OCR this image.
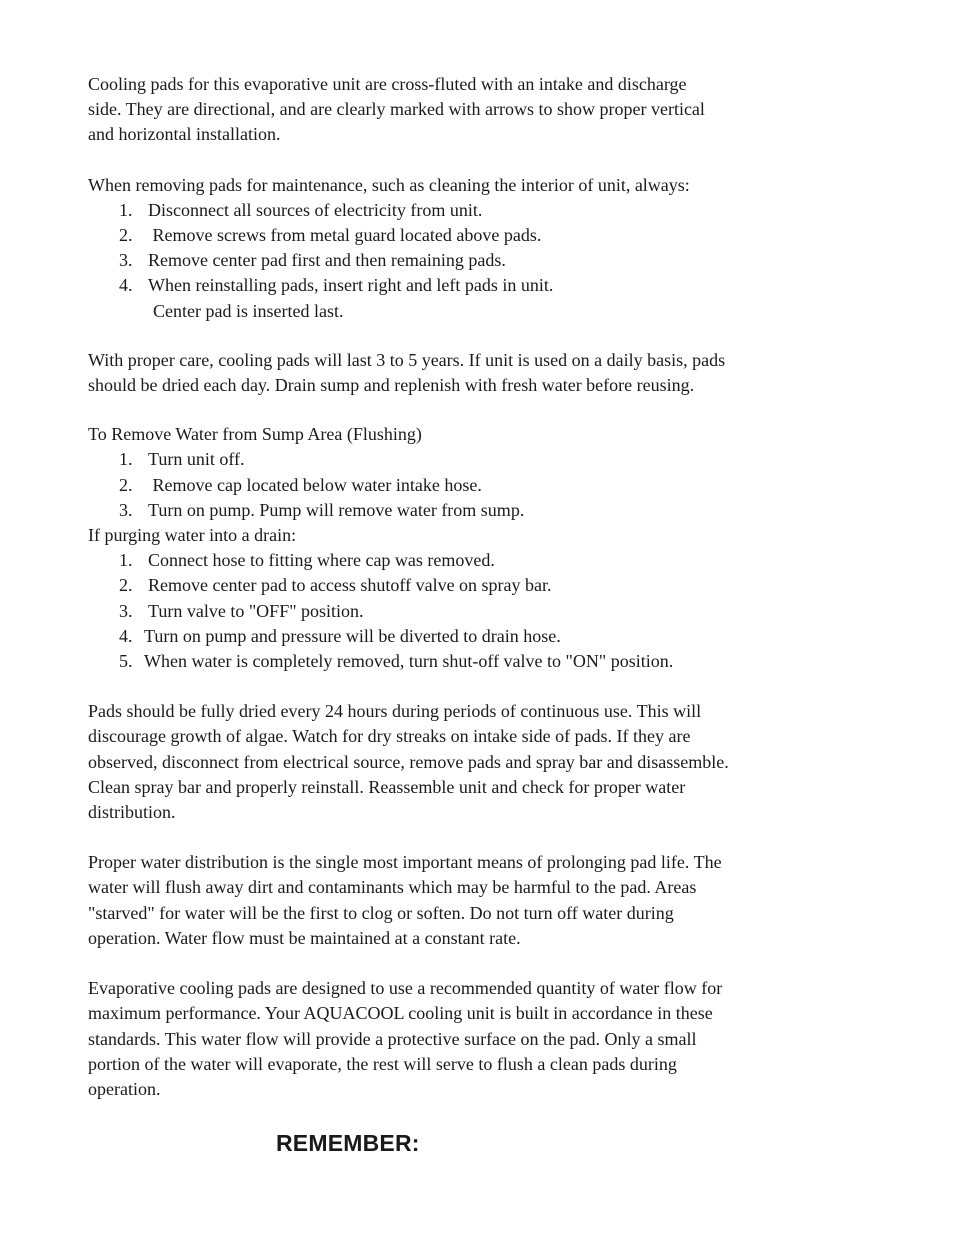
Cooling pads for this evaporative unit are cross-fluted with an intake and discharge

side. They are directional, and are clearly marked with arrows to show proper vertical

and horizontal installation.

When removing pads for maintenance, such as cleaning the interior of unit, always:

1. Disconnect all sources of electricity from unit.
2. Remove screws from metal guard located above pads.
3. Remove center pad first and then remaining pads.
4. When reinstalling pads, insert right and left pads in unit.
Center pad is inserted last.

With proper care, cooling pads will last 3 to 5 years. If unit is used on a daily basis, pads

should be dried each day. Drain sump and replenish with fresh water before reusing.

To Remove Water from Sump Area (Flushing)

1. Turn unit off.
2. Remove cap located below water intake hose.
3. Turn on pump. Pump will remove water from sump.

If purging water into a drain:

1. Connect hose to fitting where cap was removed.
2. Remove center pad to access shutoff valve on spray bar.
3. Turn valve to "OFF" position.
4. Turn on pump and pressure will be diverted to drain hose.
5. When water is completely removed, turn shut-off valve to "ON" position.

Pads should be fully dried every 24 hours during periods of continuous use. This will

discourage growth of algae. Watch for dry streaks on intake side of pads. If they are

observed, disconnect from electrical source, remove pads and spray bar and disassemble.

Clean spray bar and properly reinstall. Reassemble unit and check for proper water

distribution.

Proper water distribution is the single most important means of prolonging pad life. The

water will flush away dirt and contaminants which may be harmful to the pad. Areas

"starved" for water will be the first to clog or soften. Do not turn off water during

operation. Water flow must be maintained at a constant rate.

Evaporative cooling pads are designed to use a recommended quantity of water flow for

maximum performance. Your AQUACOOL cooling unit is built in accordance in these

standards. This water flow will provide a protective surface on the pad. Only a small

portion of the water will evaporate, the rest will serve to flush a clean pads during

operation.

REMEMBER:
